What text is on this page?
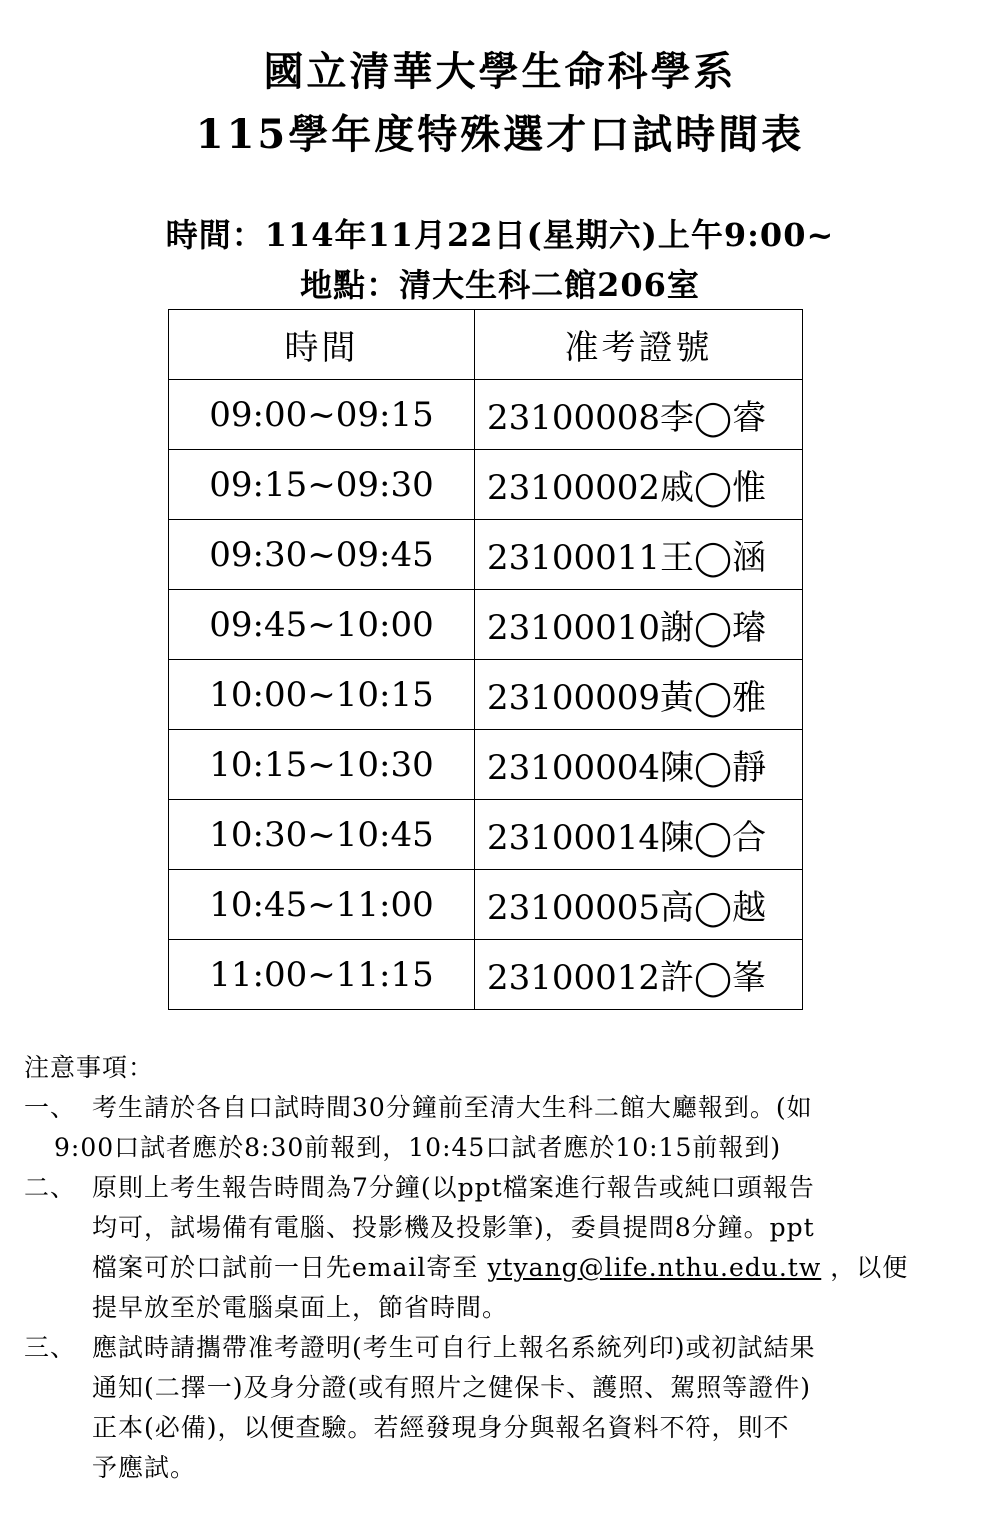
國立清華大學生命科學系
115學年度特殊選才口試時間表
時間：114年11月22日(星期六)上午9:00~
地點：清大生科二館206室
時間	准考證號
09:00~09:15	23100008李◯睿
09:15~09:30	23100002戚◯惟
09:30~09:45	23100011王◯涵
09:45~10:00	23100010謝◯璿
10:00~10:15	23100009黃◯雅
10:15~10:30	23100004陳◯靜
10:30~10:45	23100014陳◯合
10:45~11:00	23100005高◯越
11:00~11:15	23100012許◯峯

注意事項：

一、 考生請於各自口試時間30分鐘前至清大生科二館大廳報到。(如

9:00口試者應於8:30前報到，10:45口試者應於10:15前報到)

二、 原則上考生報告時間為7分鐘(以ppt檔案進行報告或純口頭報告

均可，試場備有電腦、投影機及投影筆)，委員提問8分鐘。ppt

檔案可於口試前一日先email寄至 ytyang@life.nthu.edu.tw ，以便

提早放至於電腦桌面上，節省時間。

三、 應試時請攜帶准考證明(考生可自行上報名系統列印)或初試結果

通知(二擇一)及身分證(或有照片之健保卡、護照、駕照等證件)

正本(必備)，以便查驗。若經發現身分與報名資料不符，則不

予應試。
